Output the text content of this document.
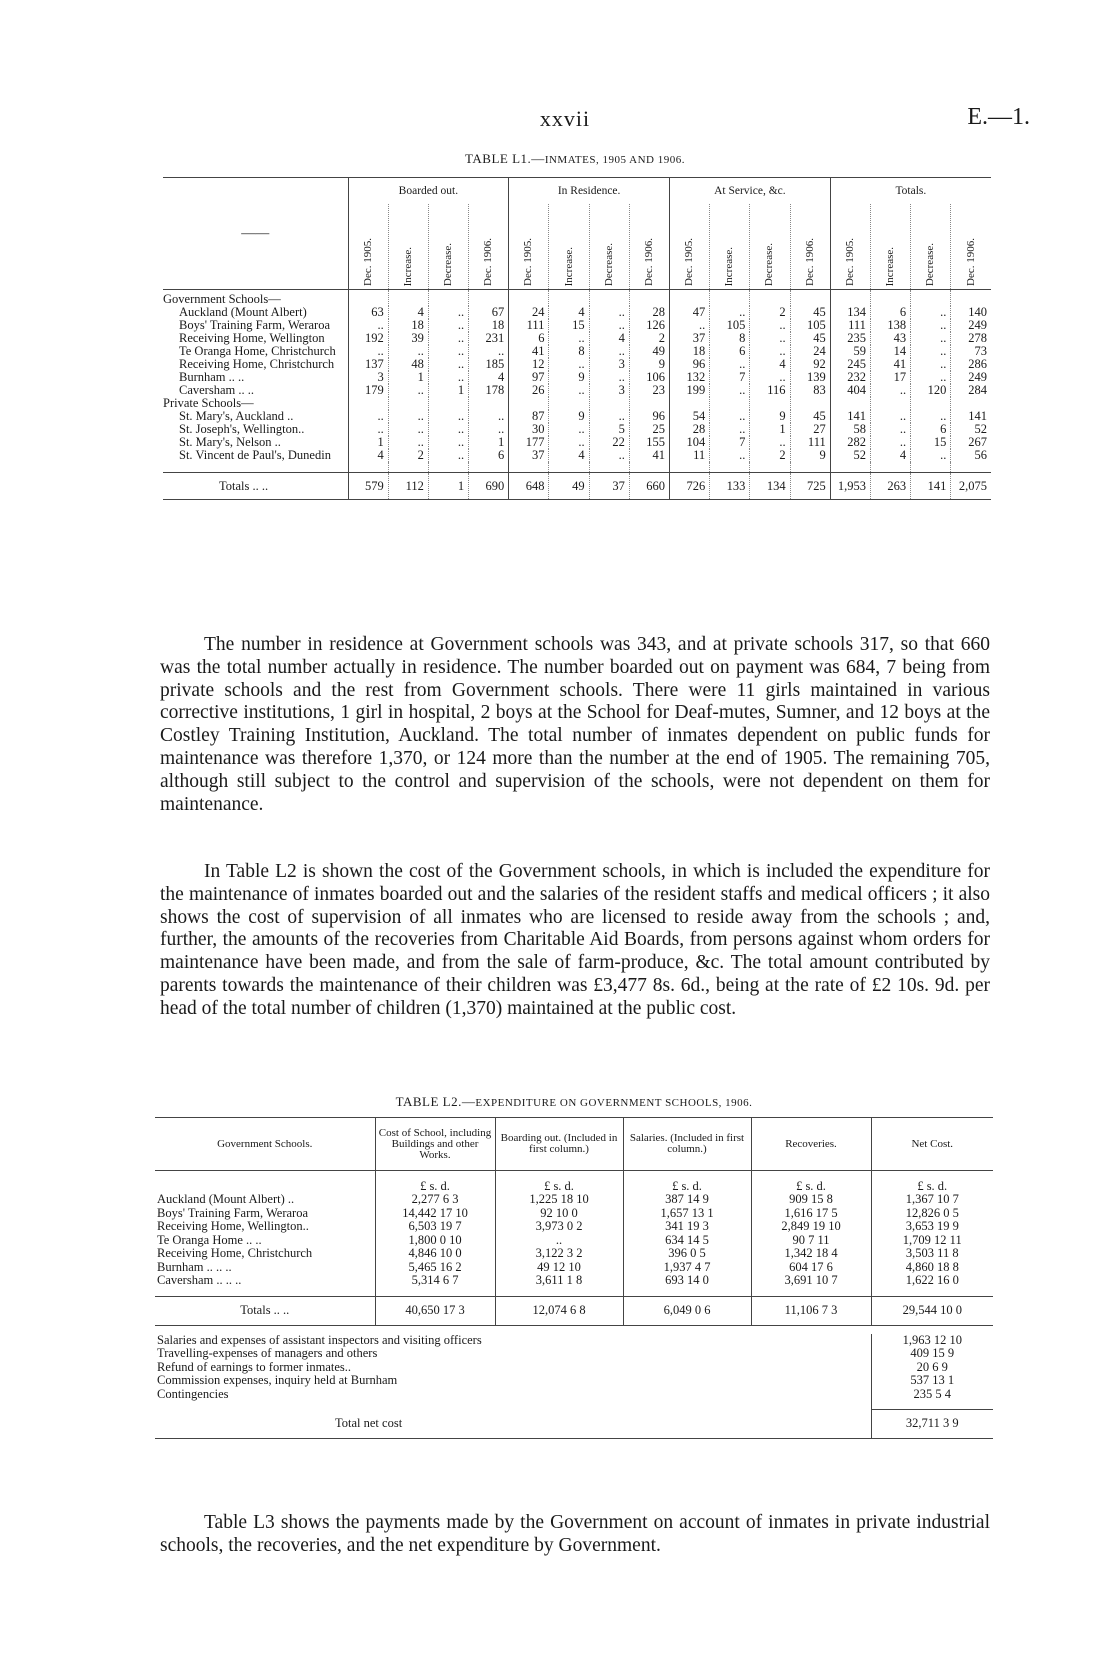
xxvii	E.—1.
TABLE L1.—INMATES, 1905 AND 1906.
——	Boarded out.				In Residence.				At Service, &c.				Totals.			
	Dec. 1905.	Increase.	Decrease.	Dec. 1906.	Dec. 1905.	Increase.	Decrease.	Dec. 1906.	Dec. 1905.	Increase.	Decrease.	Dec. 1906.	Dec. 1905.	Increase.	Decrease.	Dec. 1906.
Government Schools—																
Auckland (Mount Albert)	63	4	..	67	24	4	..	28	47	..	2	45	134	6	..	140
Boys' Training Farm, Weraroa	..	18	..	18	111	15	..	126	..	105	..	105	111	138	..	249
Receiving Home, Wellington	192	39	..	231	6	..	4	2	37	8	..	45	235	43	..	278
Te Oranga Home, Christchurch	..	..	..	..	41	8	..	49	18	6	..	24	59	14	..	73
Receiving Home, Christchurch	137	48	..	185	12	..	3	9	96	..	4	92	245	41	..	286
Burnham .. ..	3	1	..	4	97	9	..	106	132	7	..	139	232	17	..	249
Caversham .. ..	179	..	1	178	26	..	3	23	199	..	116	83	404	..	120	284
Private Schools—																
St. Mary's, Auckland ..	..	..	..	..	87	9	..	96	54	..	9	45	141	..	..	141
St. Joseph's, Wellington..	..	..	..	..	30	..	5	25	28	..	1	27	58	..	6	52
St. Mary's, Nelson ..	1	..	..	1	177	..	22	155	104	7	..	111	282	..	15	267
St. Vincent de Paul's, Dunedin	4	2	..	6	37	4	..	41	11	..	2	9	52	4	..	56

Totals .. ..	579	112	1	690	648	49	37	660	726	133	134	725	1,953	263	141	2,075

The number in residence at Government schools was 343, and at private schools 317, so that 660 was the total number actually in residence. The number boarded out on payment was 684, 7 being from private schools and the rest from Government schools. There were 11 girls maintained in various corrective institutions, 1 girl in hospital, 2 boys at the School for Deaf-mutes, Sumner, and 12 boys at the Costley Training Institution, Auckland. The total number of inmates dependent on public funds for maintenance was therefore 1,370, or 124 more than the number at the end of 1905. The remaining 705, although still subject to the control and supervision of the schools, were not dependent on them for maintenance.

In Table L2 is shown the cost of the Government schools, in which is included the expenditure for the maintenance of inmates boarded out and the salaries of the resident staffs and medical officers ; it also shows the cost of supervision of all inmates who are licensed to reside away from the schools ; and, further, the amounts of the recoveries from Charitable Aid Boards, from persons against whom orders for maintenance have been made, and from the sale of farm-produce, &c. The total amount contributed by parents towards the maintenance of their children was £3,477 8s. 6d., being at the rate of £2 10s. 9d. per head of the total number of children (1,370) maintained at the public cost.

TABLE L2.—EXPENDITURE ON GOVERNMENT SCHOOLS, 1906.
Government Schools.	Cost of School, including Buildings and other Works.	Boarding out. (Included in first column.)	Salaries. (Included in first column.)	Recoveries.	Net Cost.
	£ s. d.	£ s. d.	£ s. d.	£ s. d.	£ s. d.
Auckland (Mount Albert) ..	2,277 6 3	1,225 18 10	387 14 9	909 15 8	1,367 10 7
Boys' Training Farm, Weraroa	14,442 17 10	92 10 0	1,657 13 1	1,616 17 5	12,826 0 5
Receiving Home, Wellington..	6,503 19 7	3,973 0 2	341 19 3	2,849 19 10	3,653 19 9
Te Oranga Home .. ..	1,800 0 10	..	634 14 5	90 7 11	1,709 12 11
Receiving Home, Christchurch	4,846 10 0	3,122 3 2	396 0 5	1,342 18 4	3,503 11 8
Burnham .. .. ..	5,465 16 2	49 12 10	1,937 4 7	604 17 6	4,860 18 8
Caversham .. .. ..	5,314 6 7	3,611 1 8	693 14 0	3,691 10 7	1,622 16 0

Totals .. ..	40,650 17 3	12,074 6 8	6,049 0 6	11,106 7 3	29,544 10 0

Salaries and expenses of assistant inspectors and visiting officers					1,963 12 10
Travelling-expenses of managers and others					409 15 9
Refund of earnings to former inmates..					20 6 9
Commission expenses, inquiry held at Burnham					537 13 1
Contingencies					235 5 4

Total net cost					32,711 3 9

Table L3 shows the payments made by the Government on account of inmates in private industrial schools, the recoveries, and the net expenditure by Government.
